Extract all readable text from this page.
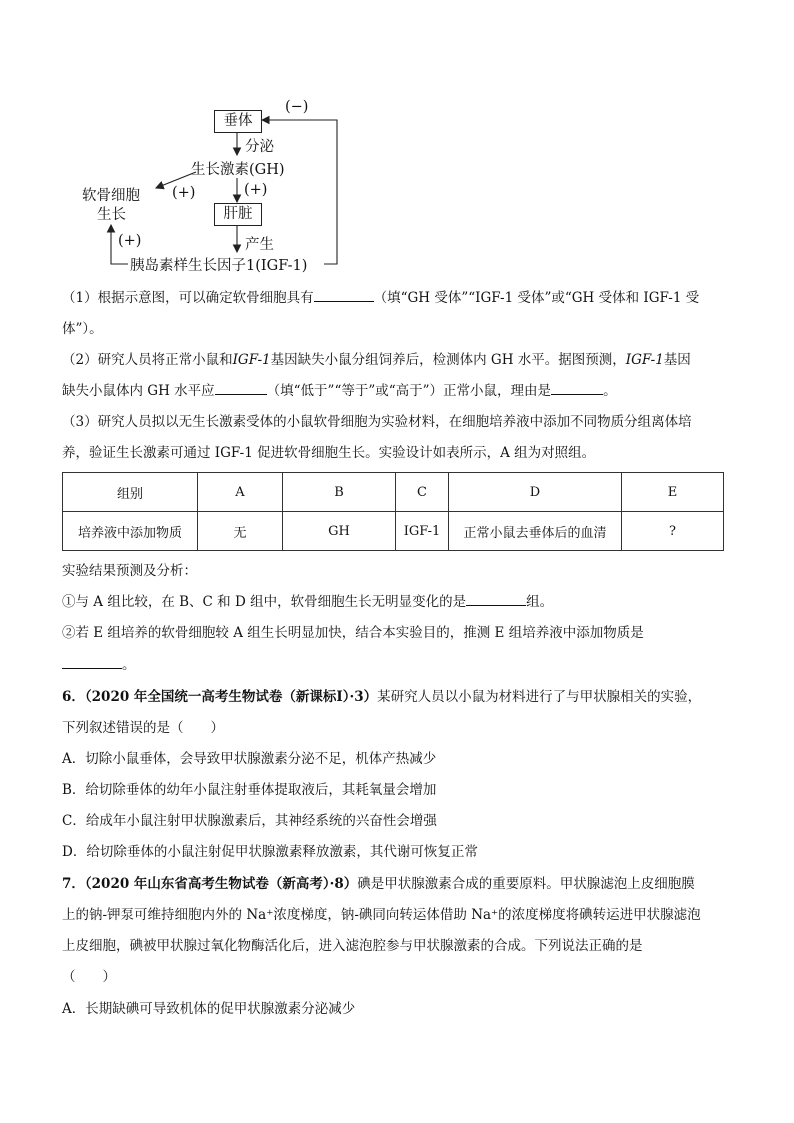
垂体
(−)
分泌
生长激素(GH)
软骨细胞
生长
(+)	(+)
肝脏
产生
(+)
胰岛素样生长因子1(IGF-1)
（1）根据示意图，可以确定软骨细胞具有	（填“GH 受体”“IGF-1 受体”或“GH 受体和 IGF-1 受
体”）。
（2）研究人员将正常小鼠和IGF-1基因缺失小鼠分组饲养后，检测体内 GH 水平。据图预测，IGF-1基因
缺失小鼠体内 GH 水平应	（填“低于”“等于”或“高于”）正常小鼠，理由是	。
（3）研究人员拟以无生长激素受体的小鼠软骨细胞为实验材料，在细胞培养液中添加不同物质分组离体培
养，验证生长激素可通过 IGF-1 促进软骨细胞生长。实验设计如表所示，A 组为对照组。
组别	A	B	C	D	E
培养液中添加物质	无	GH	IGF-1	正常小鼠去垂体后的血清	?
实验结果预测及分析：
①与 A 组比较，在 B、C 和 D 组中，软骨细胞生长无明显变化的是	组。
②若 E 组培养的软骨细胞较 A 组生长明显加快，结合本实验目的，推测 E 组培养液中添加物质是
。
6．（2020 年全国统一高考生物试卷（新课标Ⅰ）·3）某研究人员以小鼠为材料进行了与甲状腺相关的实验，
下列叙述错误的是（　　）
A．切除小鼠垂体，会导致甲状腺激素分泌不足，机体产热减少
B．给切除垂体的幼年小鼠注射垂体提取液后，其耗氧量会增加
C．给成年小鼠注射甲状腺激素后，其神经系统的兴奋性会增强
D．给切除垂体的小鼠注射促甲状腺激素释放激素，其代谢可恢复正常
7．（2020 年山东省高考生物试卷（新高考）·8）碘是甲状腺激素合成的重要原料。甲状腺滤泡上皮细胞膜
上的钠-钾泵可维持细胞内外的 Na⁺浓度梯度，钠-碘同向转运体借助 Na⁺的浓度梯度将碘转运进甲状腺滤泡
上皮细胞，碘被甲状腺过氧化物酶活化后，进入滤泡腔参与甲状腺激素的合成。下列说法正确的是
（　　）
A．长期缺碘可导致机体的促甲状腺激素分泌减少
